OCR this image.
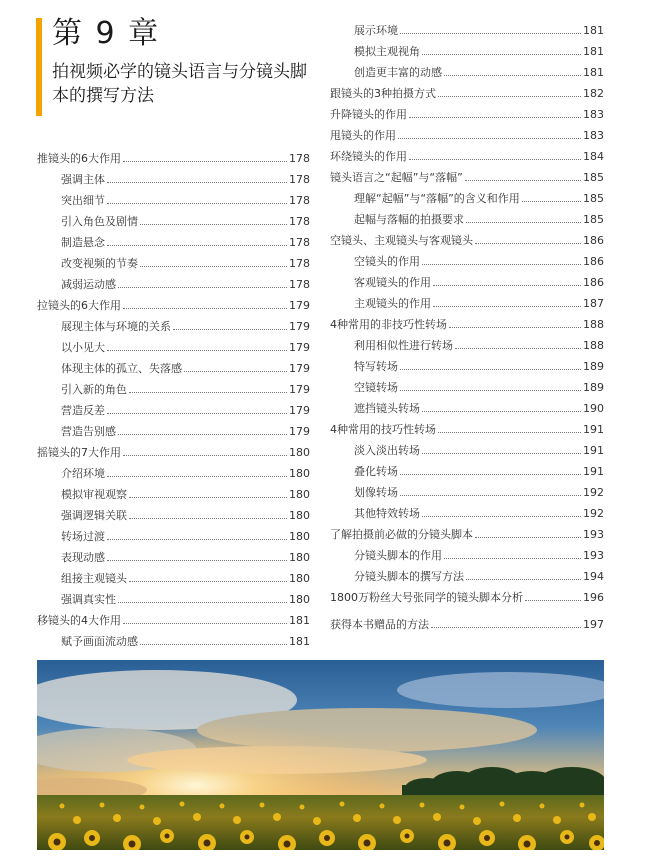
第 9 章
拍视频必学的镜头语言与分镜头脚本的撰写方法
推镜头的6大作用	178
强调主体	178
突出细节	178
引入角色及剧情	178
制造悬念	178
改变视频的节奏	178
减弱运动感	178
拉镜头的6大作用	179
展现主体与环境的关系	179
以小见大	179
体现主体的孤立、失落感	179
引入新的角色	179
营造反差	179
营造告别感	179
摇镜头的7大作用	180
介绍环境	180
模拟审视观察	180
强调逻辑关联	180
转场过渡	180
表现动感	180
组接主观镜头	180
强调真实性	180
移镜头的4大作用	181
赋予画面流动感	181
展示环境	181
模拟主观视角	181
创造更丰富的动感	181
跟镜头的3种拍摄方式	182
升降镜头的作用	183
甩镜头的作用	183
环绕镜头的作用	184
镜头语言之“起幅”与“落幅”	185
理解“起幅”与“落幅”的含义和作用	185
起幅与落幅的拍摄要求	185
空镜头、主观镜头与客观镜头	186
空镜头的作用	186
客观镜头的作用	186
主观镜头的作用	187
4种常用的非技巧性转场	188
利用相似性进行转场	188
特写转场	189
空镜转场	189
遮挡镜头转场	190
4种常用的技巧性转场	191
淡入淡出转场	191
叠化转场	191
划像转场	192
其他特效转场	192
了解拍摄前必做的分镜头脚本	193
分镜头脚本的作用	193
分镜头脚本的撰写方法	194
1800万粉丝大号张同学的镜头脚本分析	196
获得本书赠品的方法	197
